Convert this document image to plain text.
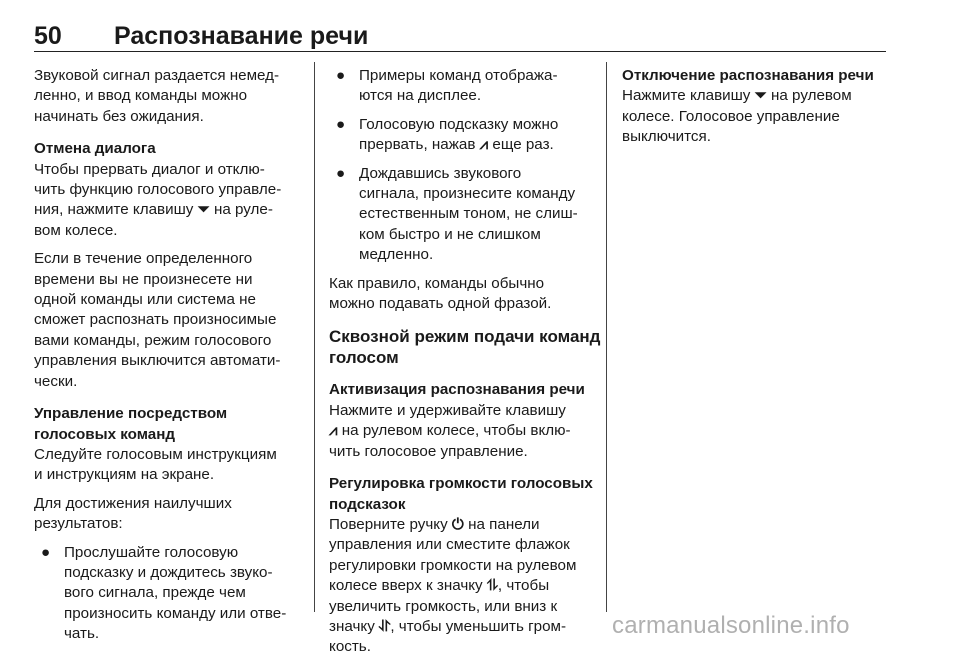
50 Распознавание речи
Звуковой сигнал раздается немед-
ленно, и ввод команды можно
начинать без ожидания.
Отмена диалога
Чтобы прервать диалог и отклю-
чить функцию голосового управле-
ния, нажмите клавишу ⏷ на руле-
вом колесе.
Если в течение определенного
времени вы не произнесете ни
одной команды или система не
сможет распознать произносимые
вами команды, режим голосового
управления выключится автомати-
чески.
Управление посредством
голосовых команд
Следуйте голосовым инструкциям
и инструкциям на экране.
Для достижения наилучших
результатов:
● Прослушайте голосовую
подсказку и дождитесь звуко-
вого сигнала, прежде чем
произносить команду или отве-
чать.
● Примеры команд отобража-
ются на дисплее.
● Голосовую подсказку можно
прервать, нажав ⩘ еще раз.
● Дождавшись звукового
сигнала, произнесите команду
естественным тоном, не слиш-
ком быстро и не слишком
медленно.
Как правило, команды обычно
можно подавать одной фразой.
Сквозной режим подачи команд
голосом
Активизация распознавания речи
Нажмите и удерживайте клавишу
⩘ на рулевом колесе, чтобы вклю-
чить голосовое управление.
Регулировка громкости голосовых
подсказок
Поверните ручку ⏻ на панели
управления или сместите флажок
регулировки громкости на рулевом
колесе вверх к значку ⥮, чтобы
увеличить громкость, или вниз к
значку ⥯, чтобы уменьшить гром-
кость.
Отключение распознавания речи
Нажмите клавишу ⏷ на рулевом
колесе. Голосовое управление
выключится.
carmanualsonline.info
